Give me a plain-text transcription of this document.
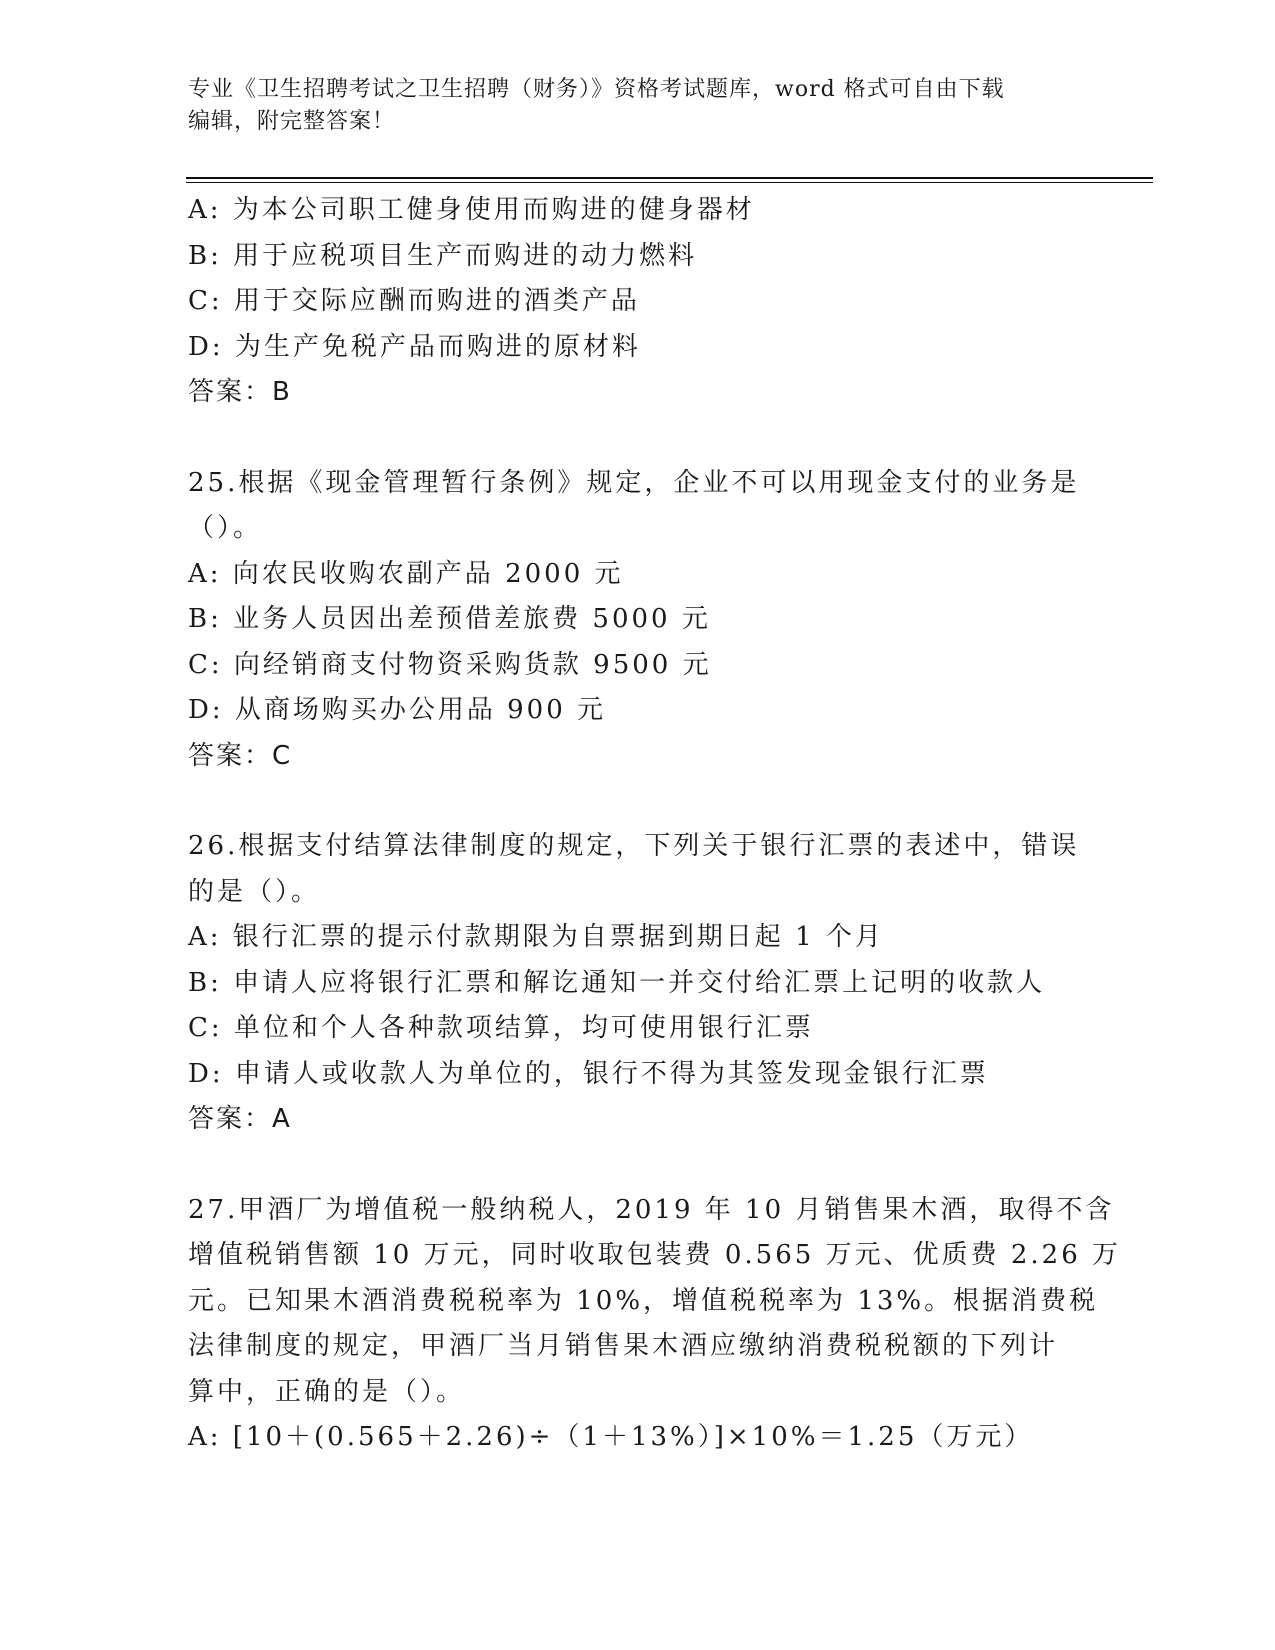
专业《卫生招聘考试之卫生招聘（财务）》资格考试题库，word 格式可自由下载
编辑，附完整答案！
A: 为本公司职工健身使用而购进的健身器材
B: 用于应税项目生产而购进的动力燃料
C: 用于交际应酬而购进的酒类产品
D: 为生产免税产品而购进的原材料
答案：B
25.根据《现金管理暂行条例》规定，企业不可以用现金支付的业务是
（）。
A: 向农民收购农副产品 2000 元
B: 业务人员因出差预借差旅费 5000 元
C: 向经销商支付物资采购货款 9500 元
D: 从商场购买办公用品 900 元
答案：C
26.根据支付结算法律制度的规定，下列关于银行汇票的表述中，错误
的是（）。
A: 银行汇票的提示付款期限为自票据到期日起 1 个月
B: 申请人应将银行汇票和解讫通知一并交付给汇票上记明的收款人
C: 单位和个人各种款项结算，均可使用银行汇票
D: 申请人或收款人为单位的，银行不得为其签发现金银行汇票
答案：A
27.甲酒厂为增值税一般纳税人，2019 年 10 月销售果木酒，取得不含
增值税销售额 10 万元，同时收取包装费 0.565 万元、优质费 2.26 万
元。已知果木酒消费税税率为 10%，增值税税率为 13%。根据消费税
法律制度的规定，甲酒厂当月销售果木酒应缴纳消费税税额的下列计
算中，正确的是（）。
A: [10＋(0.565＋2.26)÷（1＋13%）]×10%＝1.25（万元）
